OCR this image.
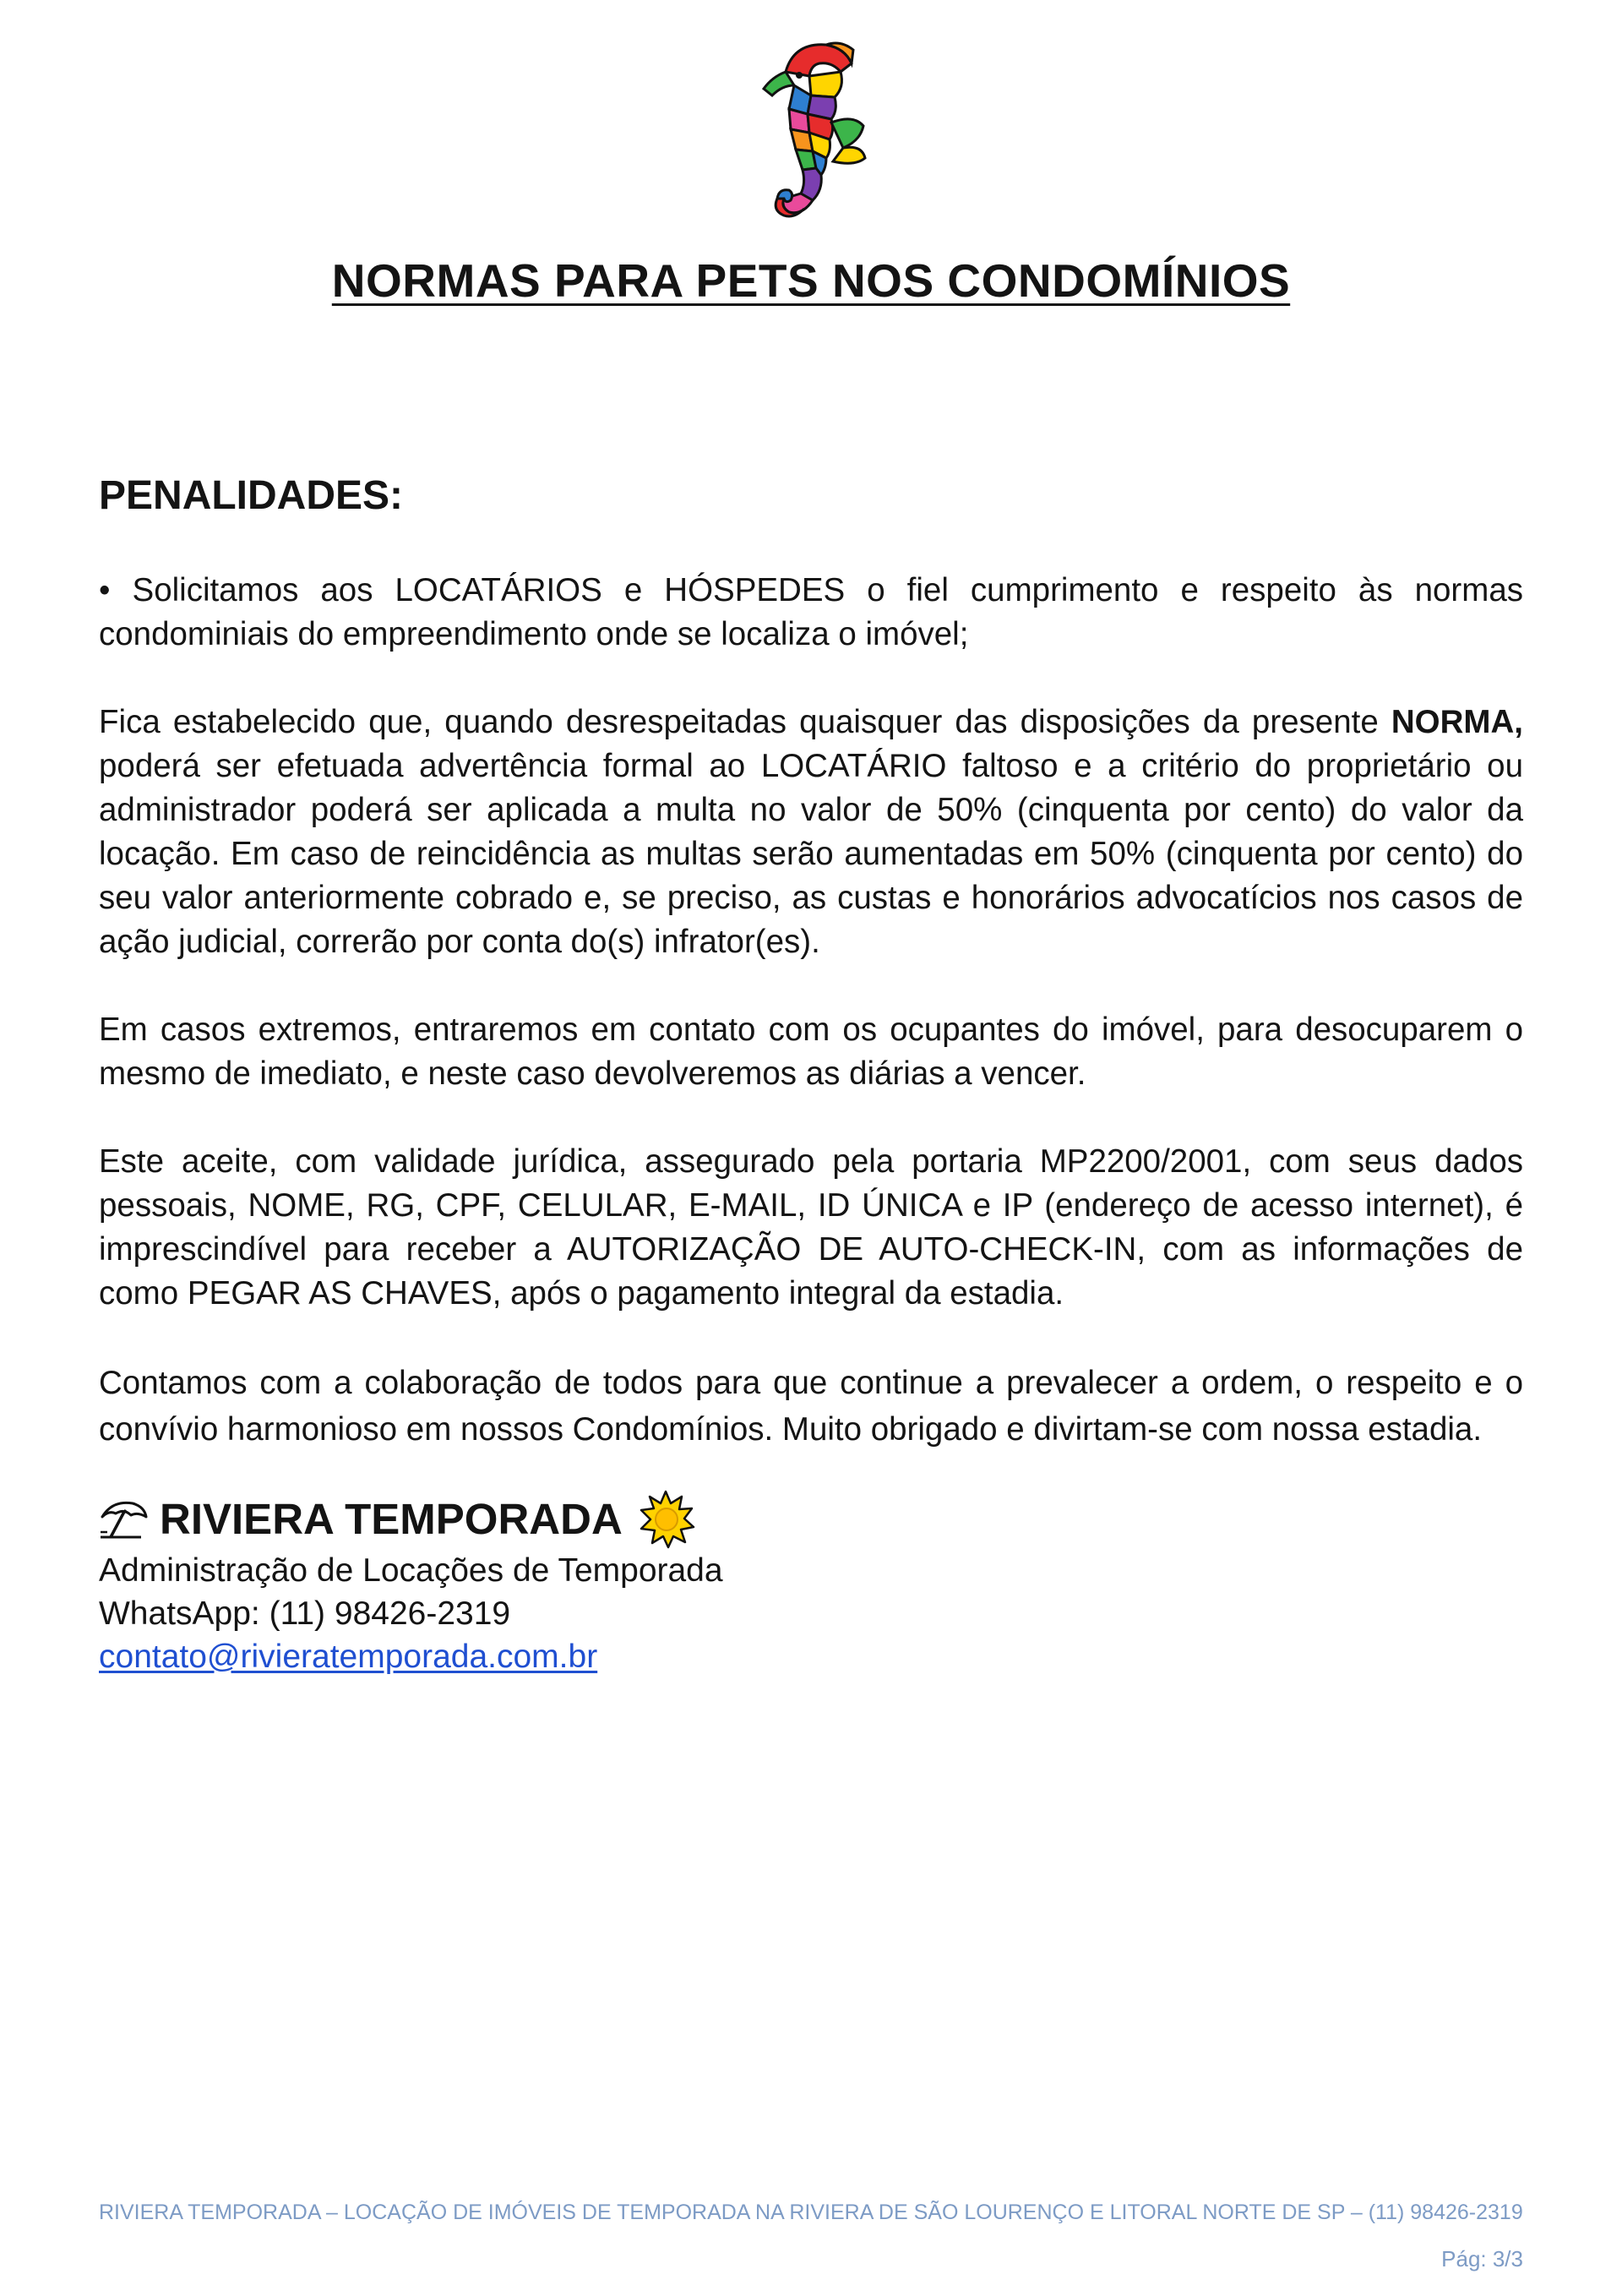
NORMAS PARA PETS NOS CONDOMÍNIOS
PENALIDADES:

• Solicitamos aos LOCATÁRIOS e HÓSPEDES o fiel cumprimento e respeito às normas condominiais do empreendimento onde se localiza o imóvel;

Fica estabelecido que, quando desrespeitadas quaisquer das disposições da presente NORMA, poderá ser efetuada advertência formal ao LOCATÁRIO faltoso e a critério do proprietário ou administrador poderá ser aplicada a multa no valor de 50% (cinquenta por cento) do valor da locação. Em caso de reincidência as multas serão aumentadas em 50% (cinquenta por cento) do seu valor anteriormente cobrado e, se preciso, as custas e honorários advocatícios nos casos de ação judicial, correrão por conta do(s) infrator(es).

Em casos extremos, entraremos em contato com os ocupantes do imóvel, para desocuparem o mesmo de imediato, e neste caso devolveremos as diárias a vencer.

Este aceite, com validade jurídica, assegurado pela portaria MP2200/2001, com seus dados pessoais, NOME, RG, CPF, CELULAR, E-MAIL, ID ÚNICA e IP (endereço de acesso internet), é imprescindível para receber a AUTORIZAÇÃO DE AUTO-CHECK-IN, com as informações de como PEGAR AS CHAVES, após o pagamento integral da estadia.

Contamos com a colaboração de todos para que continue a prevalecer a ordem, o respeito e o convívio harmonioso em nossos Condomínios. Muito obrigado e divirtam-se com nossa estadia.

RIVIERA TEMPORADA
Administração de Locações de Temporada
WhatsApp: (11) 98426-2319
contato@rivieratemporada.com.br
RIVIERA TEMPORADA – LOCAÇÃO DE IMÓVEIS DE TEMPORADA NA RIVIERA DE SÃO LOURENÇO E LITORAL NORTE DE SP – (11) 98426-2319
Pág: 3/3
